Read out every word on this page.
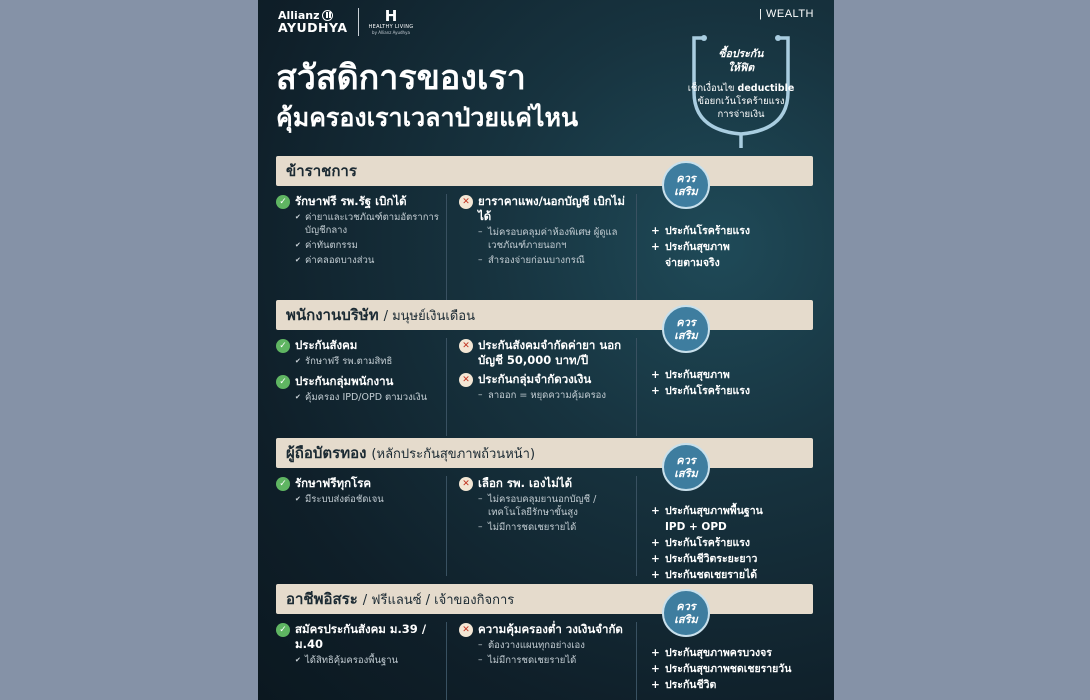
Allianz
AYUDHYA
H
HEALTHY LIVING
by Allianz Ayudhya
| WEALTH
สวัสดิการของเรา
คุ้มครองเราเวลาป่วยแค่ไหน
ซื้อประกัน
ให้ฟิต
เช็กเงื่อนไข deductible
ข้อยกเว้นโรคร้ายแรง
การจ่ายเงิน
ข้าราชการ	ควร
เสริม
✓ รักษาฟรี รพ.รัฐ เบิกได้
✔ ค่ายาและเวชภัณฑ์ตามอัตราการบัญชีกลาง
✔ ค่าทันตกรรม
✔ ค่าคลอดบางส่วน
✕ ยาราคาแพง/นอกบัญชี เบิกไม่ได้
– ไม่ครอบคลุมค่าห้องพิเศษ ผู้ดูแล เวชภัณฑ์ภายนอกฯ
– สำรองจ่ายก่อนบางกรณี
+ ประกันโรคร้ายแรง
+ ประกันสุขภาพ
จ่ายตามจริง
พนักงานบริษัท / มนุษย์เงินเดือน	ควร
เสริม
✓ ประกันสังคม
✔ รักษาฟรี รพ.ตามสิทธิ
✓ ประกันกลุ่มพนักงาน
✔ คุ้มครอง IPD/OPD ตามวงเงิน
✕ ประกันสังคมจำกัดค่ายา นอกบัญชี 50,000 บาท/ปี
✕ ประกันกลุ่มจำกัดวงเงิน
– ลาออก = หยุดความคุ้มครอง
+ ประกันสุขภาพ
+ ประกันโรคร้ายแรง
ผู้ถือบัตรทอง (หลักประกันสุขภาพถ้วนหน้า)	ควร
เสริม
✓ รักษาฟรีทุกโรค
✔ มีระบบส่งต่อชัดเจน
✕ เลือก รพ. เองไม่ได้
– ไม่ครอบคลุมยานอกบัญชี /เทคโนโลยีรักษาขั้นสูง
– ไม่มีการชดเชยรายได้
+ ประกันสุขภาพพื้นฐาน
IPD + OPD
+ ประกันโรคร้ายแรง
+ ประกันชีวิตระยะยาว
+ ประกันชดเชยรายได้
อาชีพอิสระ / ฟรีแลนซ์ / เจ้าของกิจการ	ควร
เสริม
✓ สมัครประกันสังคม ม.39 / ม.40
✔ ได้สิทธิคุ้มครองพื้นฐาน
✕ ความคุ้มครองต่ำ วงเงินจำกัด
– ต้องวางแผนทุกอย่างเอง
– ไม่มีการชดเชยรายได้
+ ประกันสุขภาพครบวงจร
+ ประกันสุขภาพชดเชยรายวัน
+ ประกันชีวิต
